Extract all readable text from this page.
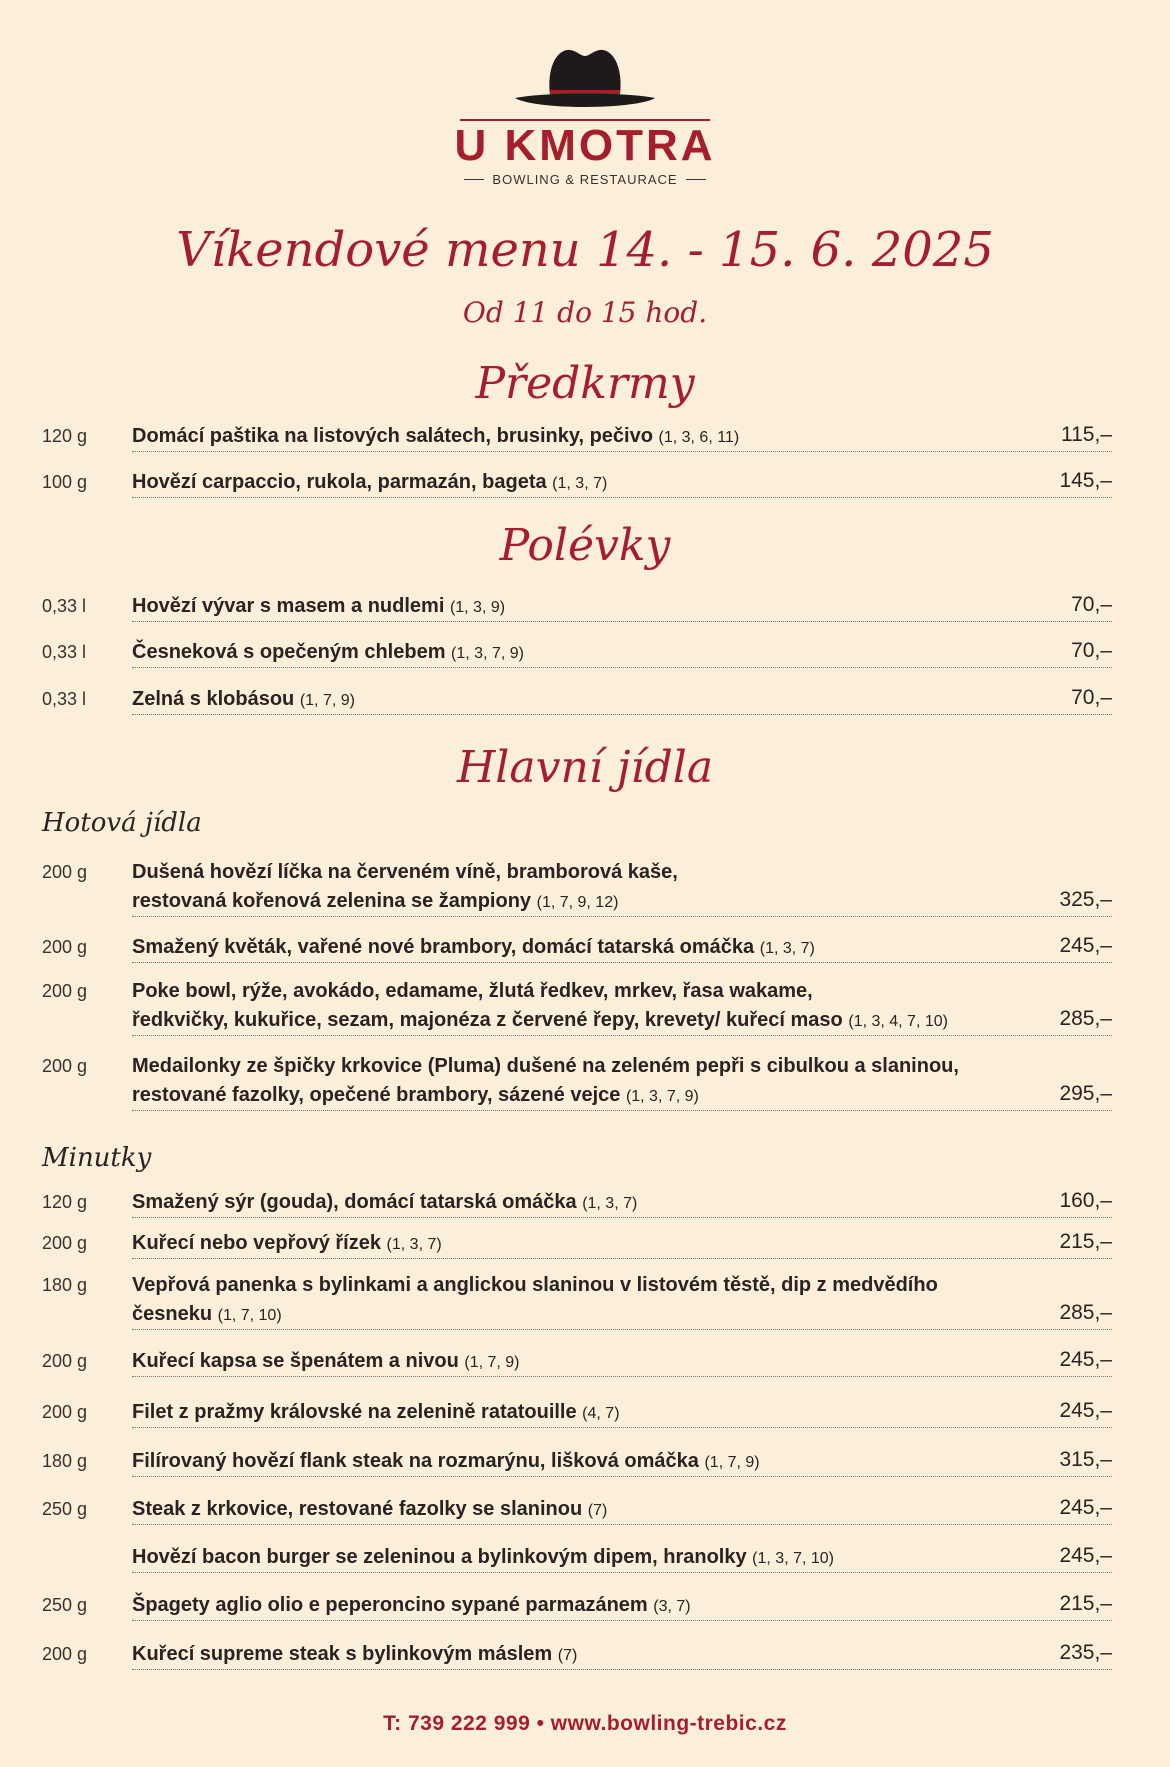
U KMOTRA
BOWLING & RESTAURACE
Víkendové menu 14. - 15. 6. 2025
Od 11 do 15 hod.
Předkrmy
120 g Domácí paštika na listových salátech, brusinky, pečivo (1, 3, 6, 11)	115,–
100 g Hovězí carpaccio, rukola, parmazán, bageta (1, 3, 7)	145,–
Polévky
0,33 l Hovězí vývar s masem a nudlemi (1, 3, 9)	70,–
0,33 l Česneková s opečeným chlebem (1, 3, 7, 9)	70,–
0,33 l Zelná s klobásou (1, 7, 9)	70,–
Hlavní jídla
Hotová jídla
200 g Dušená hovězí líčka na červeném víně, bramborová kaše,
restovaná kořenová zelenina se žampiony (1, 7, 9, 12)	325,–
200 g Smažený květák, vařené nové brambory, domácí tatarská omáčka (1, 3, 7)	245,–
200 g Poke bowl, rýže, avokádo, edamame, žlutá ředkev, mrkev, řasa wakame,
ředkvičky, kukuřice, sezam, majonéza z červené řepy, krevety/ kuřecí maso (1, 3, 4, 7, 10)	285,–
200 g Medailonky ze špičky krkovice (Pluma) dušené na zeleném pepři s cibulkou a slaninou,
restované fazolky, opečené brambory, sázené vejce (1, 3, 7, 9)	295,–
Minutky
120 g Smažený sýr (gouda), domácí tatarská omáčka (1, 3, 7)	160,–
200 g Kuřecí nebo vepřový řízek (1, 3, 7)	215,–
180 g Vepřová panenka s bylinkami a anglickou slaninou v listovém těstě, dip z medvědího
česneku (1, 7, 10)	285,–
200 g Kuřecí kapsa se špenátem a nivou (1, 7, 9)	245,–
200 g Filet z pražmy královské na zelenině ratatouille (4, 7)	245,–
180 g Filírovaný hovězí flank steak na rozmarýnu, lišková omáčka (1, 7, 9)	315,–
250 g Steak z krkovice, restované fazolky se slaninou (7)	245,–
Hovězí bacon burger se zeleninou a bylinkovým dipem, hranolky (1, 3, 7, 10)	245,–
250 g Špagety aglio olio e peperoncino sypané parmazánem (3, 7)	215,–
200 g Kuřecí supreme steak s bylinkovým máslem (7)	235,–
T: 739 222 999 • www.bowling-trebic.cz
